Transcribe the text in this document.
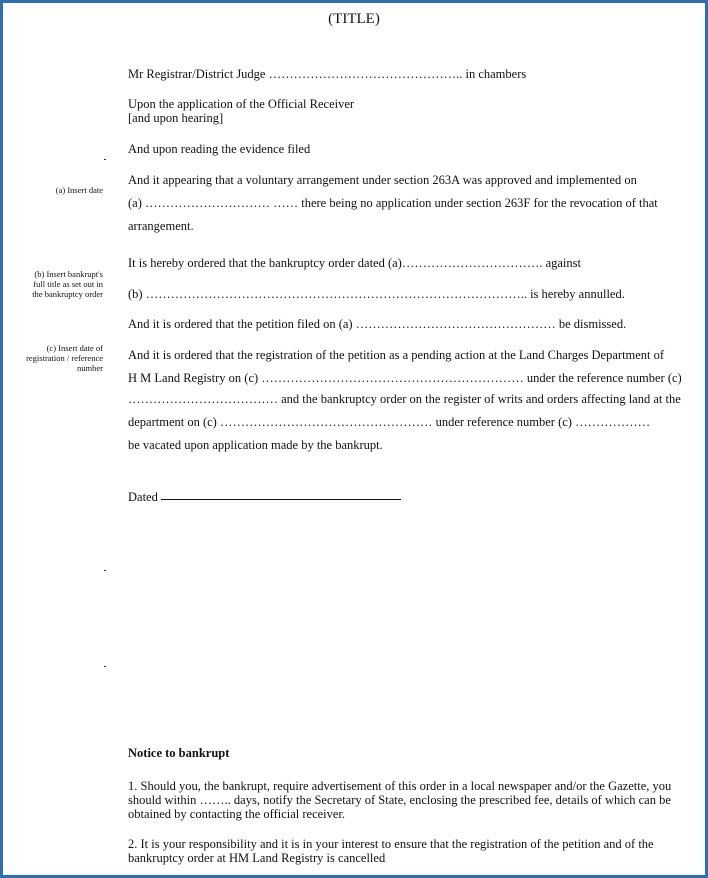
(TITLE)
Mr Registrar/District Judge ……………………………………….. in chambers
Upon the application of the Official Receiver
[and upon hearing]
And upon reading the evidence filed
(a) Insert date
And it appearing that a voluntary arrangement under section 263A was approved and implemented on
(a) ………………………… …… there being no application under section 263F for the revocation of that
arrangement.
(b) Insert bankrupt's
full title as set out in
the bankruptcy order
It is hereby ordered that the bankruptcy order dated (a)……………………………. against
(b) ……………………………………………………………………………….. is hereby annulled.
And it is ordered that the petition filed on (a) ………………………………………… be dismissed.
(c) Insert date of
registration / reference
number
And it is ordered that the registration of the petition as a pending action at the Land Charges Department of
H M Land Registry on (c) ……………………………………………………… under the reference number (c)
……………………………… and the bankruptcy order on the register of writs and orders affecting land at the
department on (c) …………………………………………… under reference number (c) ………………
be vacated upon application made by the bankrupt.
Dated
Notice to bankrupt
1. Should you, the bankrupt, require advertisement of this order in a local newspaper and/or the Gazette, you
should within …….. days, notify the Secretary of State, enclosing the prescribed fee, details of which can be
obtained by contacting the official receiver.
2. It is your responsibility and it is in your interest to ensure that the registration of the petition and of the
bankruptcy order at HM Land Registry is cancelled
